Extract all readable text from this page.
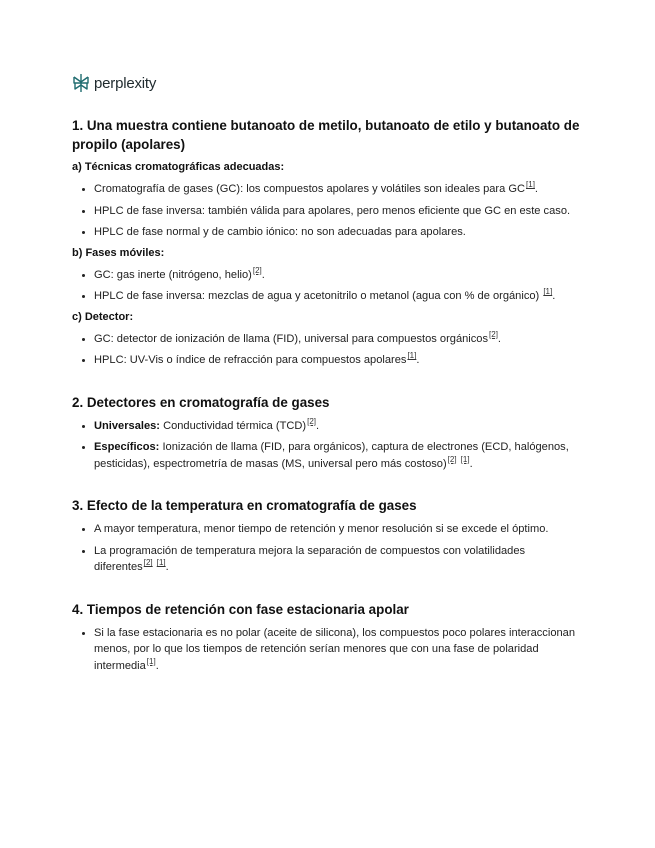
perplexity
1. Una muestra contiene butanoato de metilo, butanoato de etilo y butanoato de propilo (apolares)
a) Técnicas cromatográficas adecuadas:
• Cromatografía de gases (GC): los compuestos apolares y volátiles son ideales para GC[1].
• HPLC de fase inversa: también válida para apolares, pero menos eficiente que GC en este caso.
• HPLC de fase normal y de cambio iónico: no son adecuadas para apolares.
b) Fases móviles:
• GC: gas inerte (nitrógeno, helio)[2].
• HPLC de fase inversa: mezclas de agua y acetonitrilo o metanol (agua con % de orgánico) [1].
c) Detector:
• GC: detector de ionización de llama (FID), universal para compuestos orgánicos[2].
• HPLC: UV-Vis o índice de refracción para compuestos apolares[1].
2. Detectores en cromatografía de gases
• Universales: Conductividad térmica (TCD)[2].
• Específicos: Ionización de llama (FID, para orgánicos), captura de electrones (ECD, halógenos, pesticidas), espectrometría de masas (MS, universal pero más costoso)[2] [1].
3. Efecto de la temperatura en cromatografía de gases
• A mayor temperatura, menor tiempo de retención y menor resolución si se excede el óptimo.
• La programación de temperatura mejora la separación de compuestos con volatilidades diferentes[2] [1].
4. Tiempos de retención con fase estacionaria apolar
• Si la fase estacionaria es no polar (aceite de silicona), los compuestos poco polares interaccionan menos, por lo que los tiempos de retención serían menores que con una fase de polaridad intermedia[1].
